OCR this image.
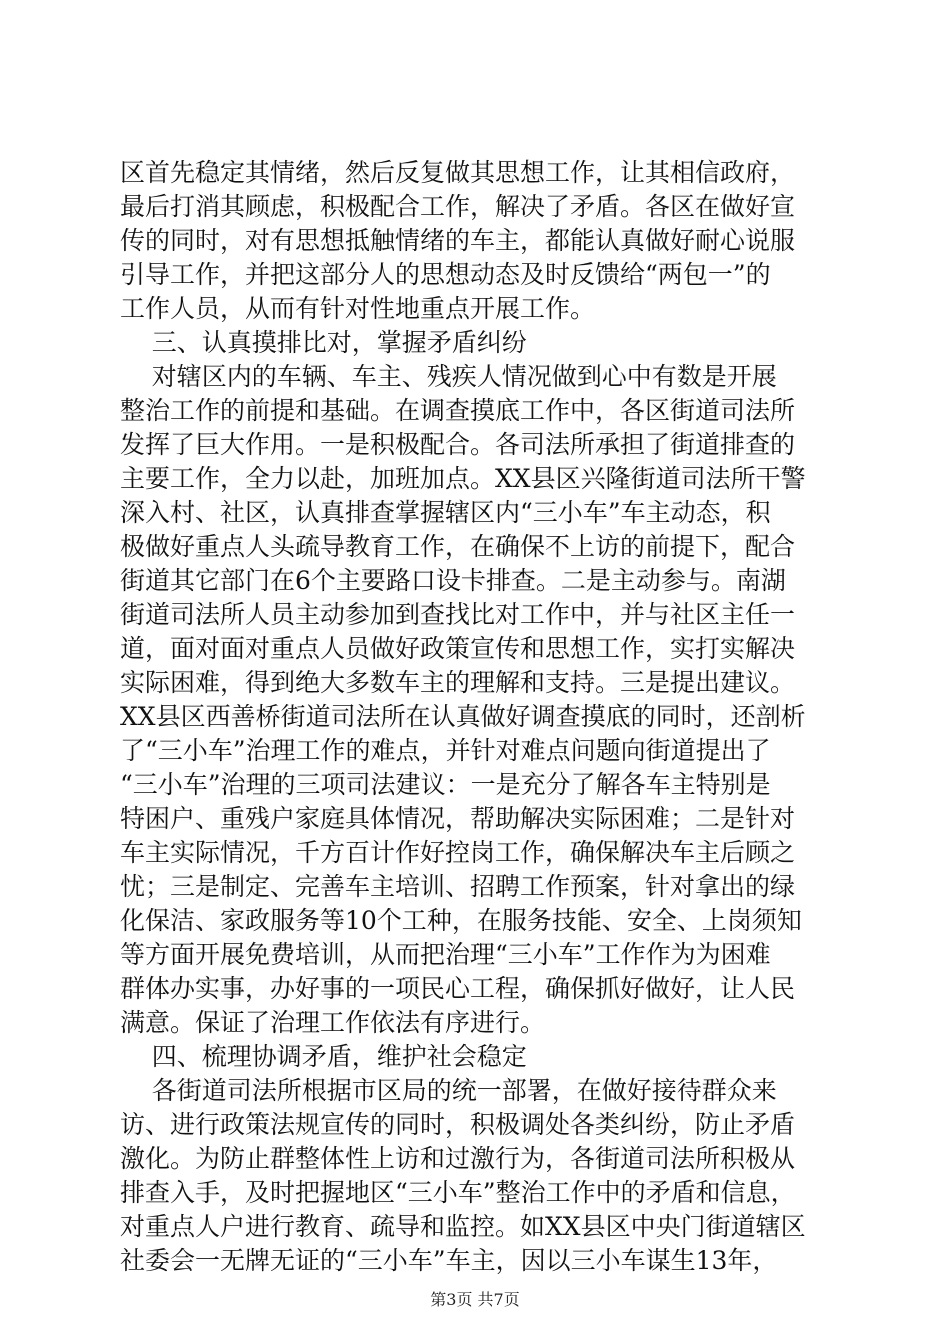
区首先稳定其情绪，然后反复做其思想工作，让其相信政府，
最后打消其顾虑，积极配合工作，解决了矛盾。各区在做好宣
传的同时，对有思想抵触情绪的车主，都能认真做好耐心说服
引导工作，并把这部分人的思想动态及时反馈给“两包一”的
工作人员，从而有针对性地重点开展工作。
三、认真摸排比对，掌握矛盾纠纷
对辖区内的车辆、车主、残疾人情况做到心中有数是开展
整治工作的前提和基础。在调查摸底工作中，各区街道司法所
发挥了巨大作用。一是积极配合。各司法所承担了街道排查的
主要工作，全力以赴，加班加点。XX县区兴隆街道司法所干警
深入村、社区，认真排查掌握辖区内“三小车”车主动态，积
极做好重点人头疏导教育工作，在确保不上访的前提下，配合
街道其它部门在6个主要路口设卡排查。二是主动参与。南湖
街道司法所人员主动参加到查找比对工作中，并与社区主任一
道，面对面对重点人员做好政策宣传和思想工作，实打实解决
实际困难，得到绝大多数车主的理解和支持。三是提出建议。
XX县区西善桥街道司法所在认真做好调查摸底的同时，还剖析
了“三小车”治理工作的难点，并针对难点问题向街道提出了
“三小车”治理的三项司法建议：一是充分了解各车主特别是
特困户、重残户家庭具体情况，帮助解决实际困难；二是针对
车主实际情况，千方百计作好控岗工作，确保解决车主后顾之
忧；三是制定、完善车主培训、招聘工作预案，针对拿出的绿
化保洁、家政服务等10个工种，在服务技能、安全、上岗须知
等方面开展免费培训，从而把治理“三小车”工作作为为困难
群体办实事，办好事的一项民心工程，确保抓好做好，让人民
满意。保证了治理工作依法有序进行。
四、梳理协调矛盾，维护社会稳定
各街道司法所根据市区局的统一部署，在做好接待群众来
访、进行政策法规宣传的同时，积极调处各类纠纷，防止矛盾
激化。为防止群整体性上访和过激行为，各街道司法所积极从
排查入手，及时把握地区“三小车”整治工作中的矛盾和信息，
对重点人户进行教育、疏导和监控。如XX县区中央门街道辖区
社委会一无牌无证的“三小车”车主，因以三小车谋生13年，
第3页 共7页
